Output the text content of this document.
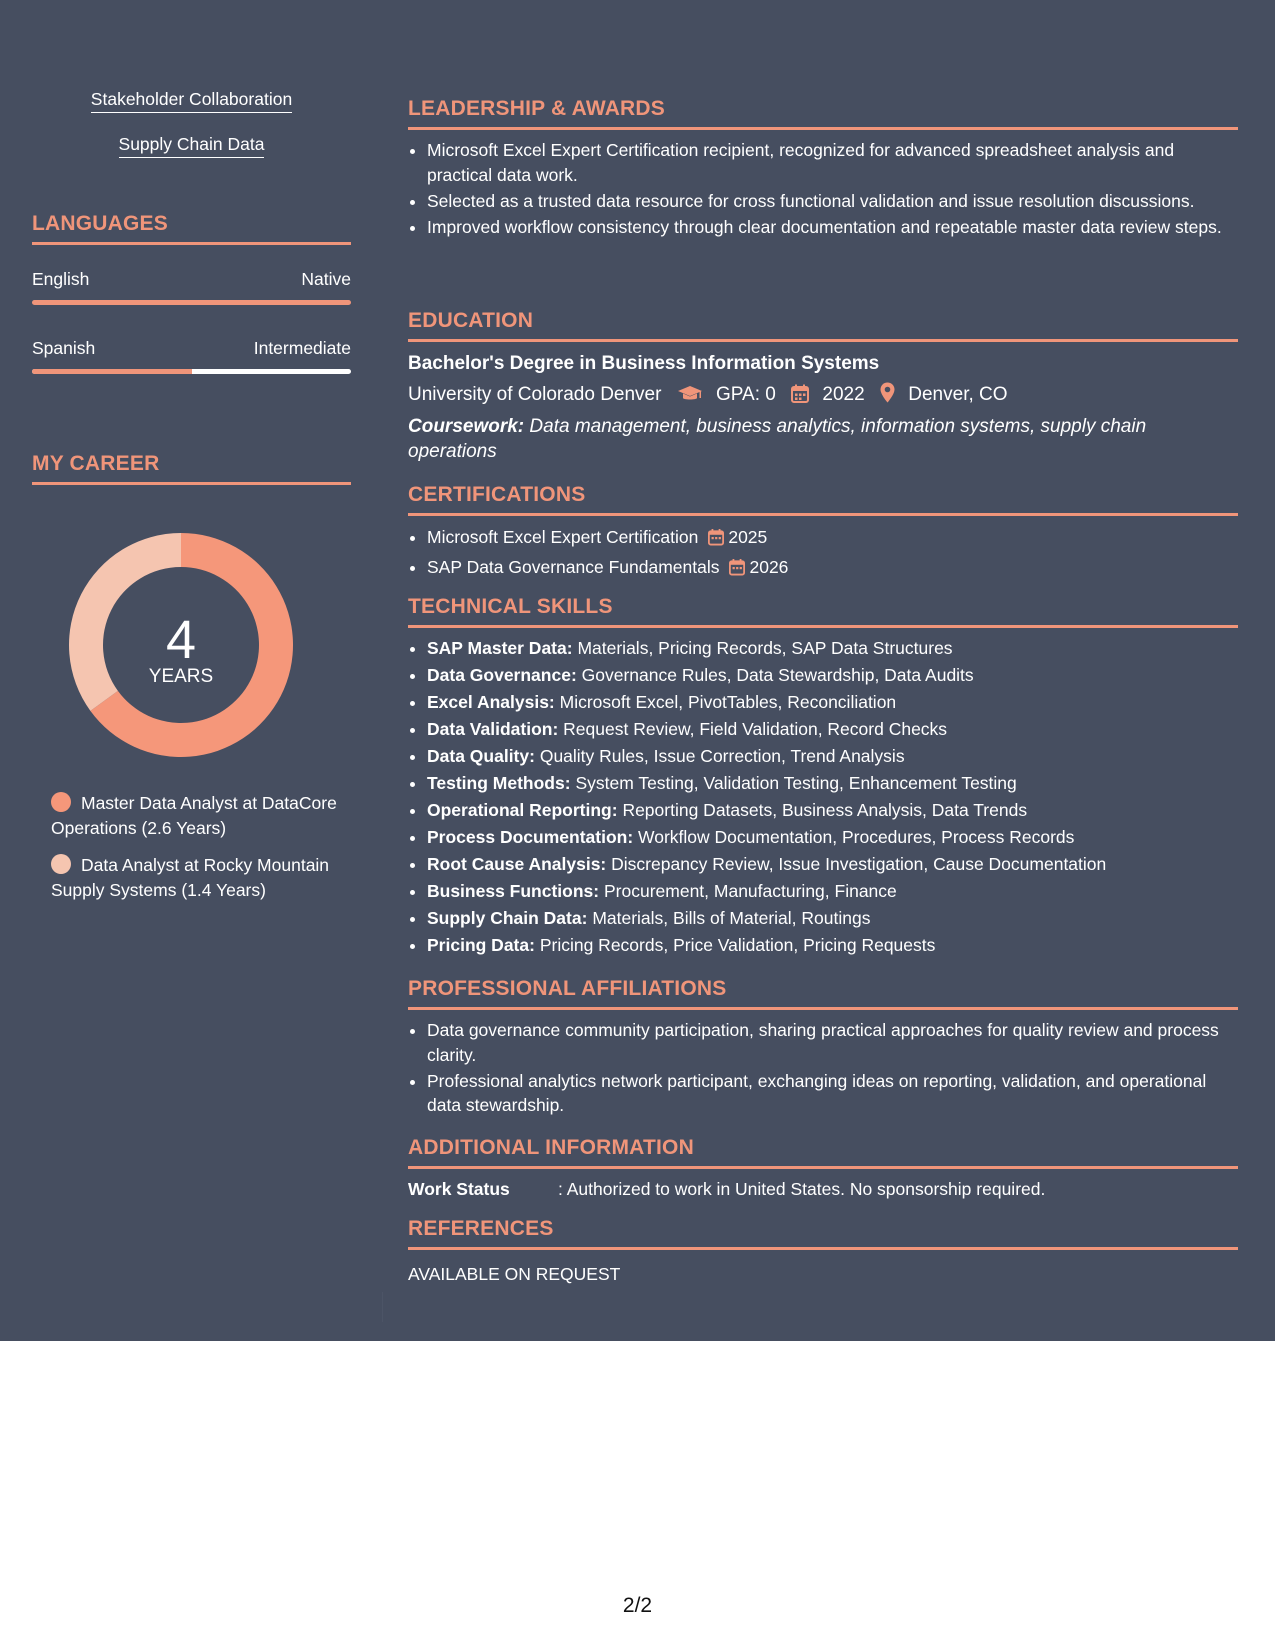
Stakeholder Collaboration
Supply Chain Data
LANGUAGES
English	Native
Spanish	Intermediate
MY CAREER
4
YEARS
Master Data Analyst at DataCore Operations (2.6 Years)
Data Analyst at Rocky Mountain Supply Systems (1.4 Years)
LEADERSHIP & AWARDS
• Microsoft Excel Expert Certification recipient, recognized for advanced spreadsheet analysis and practical data work.
• Selected as a trusted data resource for cross functional validation and issue resolution discussions.
• Improved workflow consistency through clear documentation and repeatable master data review steps.
EDUCATION
Bachelor's Degree in Business Information Systems
University of Colorado Denver	GPA: 0 2022 Denver, CO
Coursework: Data management, business analytics, information systems, supply chain operations
CERTIFICATIONS
• Microsoft Excel Expert Certification 2025
• SAP Data Governance Fundamentals 2026
TECHNICAL SKILLS
• SAP Master Data: Materials, Pricing Records, SAP Data Structures
• Data Governance: Governance Rules, Data Stewardship, Data Audits
• Excel Analysis: Microsoft Excel, PivotTables, Reconciliation
• Data Validation: Request Review, Field Validation, Record Checks
• Data Quality: Quality Rules, Issue Correction, Trend Analysis
• Testing Methods: System Testing, Validation Testing, Enhancement Testing
• Operational Reporting: Reporting Datasets, Business Analysis, Data Trends
• Process Documentation: Workflow Documentation, Procedures, Process Records
• Root Cause Analysis: Discrepancy Review, Issue Investigation, Cause Documentation
• Business Functions: Procurement, Manufacturing, Finance
• Supply Chain Data: Materials, Bills of Material, Routings
• Pricing Data: Pricing Records, Price Validation, Pricing Requests
PROFESSIONAL AFFILIATIONS
• Data governance community participation, sharing practical approaches for quality review and process clarity.
• Professional analytics network participant, exchanging ideas on reporting, validation, and operational data stewardship.
ADDITIONAL INFORMATION
Work Status	: Authorized to work in United States. No sponsorship required.
REFERENCES
AVAILABLE ON REQUEST
2/2
